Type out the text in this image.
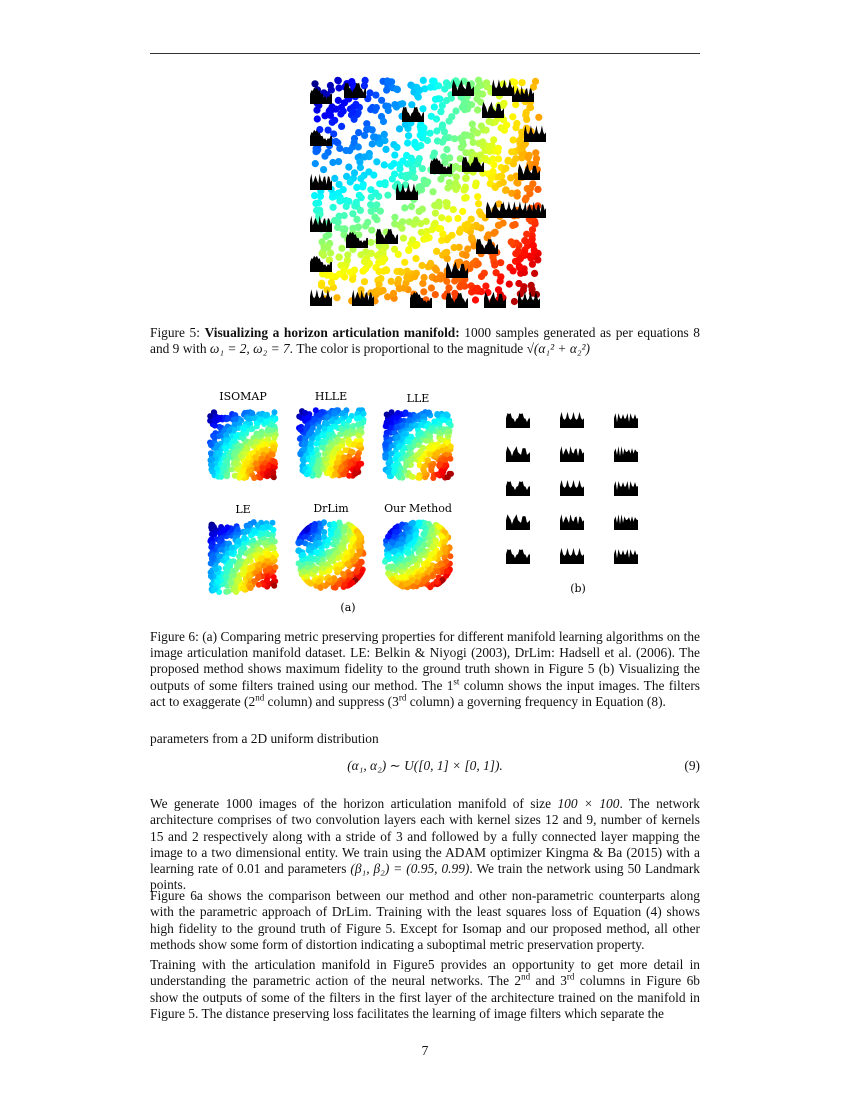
Figure 5: Visualizing a horizon articulation manifold: 1000 samples generated as per equations 8 and 9 with ω₁ = 2, ω₂ = 7. The color is proportional to the magnitude √(α₁² + α₂²)
ISOMAP	HLLE	LLE
LE	DrLim	Our Method
(a)
(b)
Figure 6: (a) Comparing metric preserving properties for different manifold learning algorithms on the image articulation manifold dataset. LE: Belkin & Niyogi (2003), DrLim: Hadsell et al. (2006). The proposed method shows maximum fidelity to the ground truth shown in Figure 5 (b) Visualizing the outputs of some filters trained using our method. The 1st column shows the input images. The filters act to exaggerate (2nd column) and suppress (3rd column) a governing frequency in Equation (8).
parameters from a 2D uniform distribution
(α₁, α₂) ∼ U([0, 1] × [0, 1]).	(9)
We generate 1000 images of the horizon articulation manifold of size 100 × 100. The network architecture comprises of two convolution layers each with kernel sizes 12 and 9, number of kernels 15 and 2 respectively along with a stride of 3 and followed by a fully connected layer mapping the image to a two dimensional entity. We train using the ADAM optimizer Kingma & Ba (2015) with a learning rate of 0.01 and parameters (β₁, β₂) = (0.95, 0.99). We train the network using 50 Landmark points.
Figure 6a shows the comparison between our method and other non-parametric counterparts along with the parametric approach of DrLim. Training with the least squares loss of Equation (4) shows high fidelity to the ground truth of Figure 5. Except for Isomap and our proposed method, all other methods show some form of distortion indicating a suboptimal metric preservation property.
Training with the articulation manifold in Figure5 provides an opportunity to get more detail in understanding the parametric action of the neural networks. The 2nd and 3rd columns in Figure 6b show the outputs of some of the filters in the first layer of the architecture trained on the manifold in Figure 5. The distance preserving loss facilitates the learning of image filters which separate the
7
